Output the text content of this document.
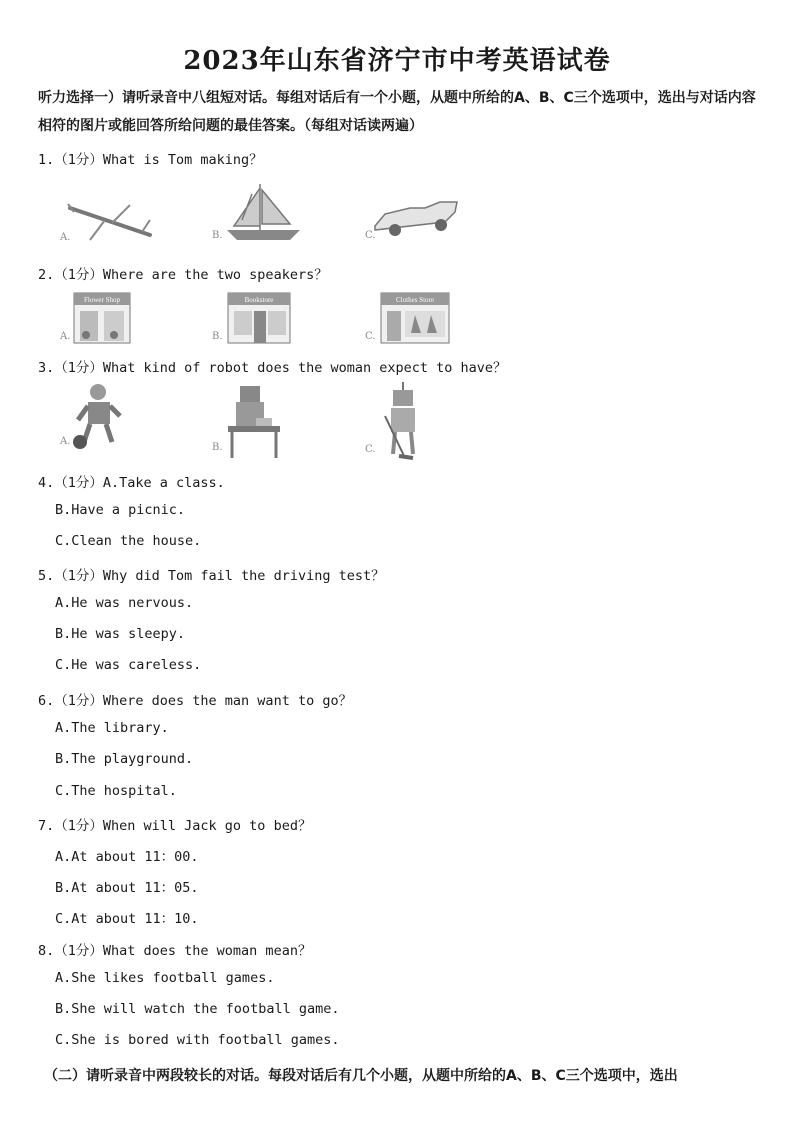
2023年山东省济宁市中考英语试卷
听力选择一）请听录音中八组短对话。每组对话后有一个小题，从题中所给的A、B、C三个选项中，选出与对话内容相符的图片或能回答所给问题的最佳答案。（每组对话读两遍）
1.（1分）What is Tom making？
A.	B.	C.
2.（1分）Where are the two speakers？
Flower Shop
A.
Bookstore
B.
Clothes Store
C.
3.（1分）What kind of robot does the woman expect to have？
A.
B.	C.
4.（1分）A.Take a class.
B.Have a picnic.
C.Clean the house.
5.（1分）Why did Tom fail the driving test？
A.He was nervous.
B.He was sleepy.
C.He was careless.
6.（1分）Where does the man want to go？
A.The library.
B.The playground.
C.The hospital.
7.（1分）When will Jack go to bed？
A.At about 11：00.
B.At about 11：05.
C.At about 11：10.
8.（1分）What does the woman mean？
A.She likes football games.
B.She will watch the football game.
C.She is bored with football games.
（二）请听录音中两段较长的对话。每段对话后有几个小题，从题中所给的A、B、C三个选项中，选出
